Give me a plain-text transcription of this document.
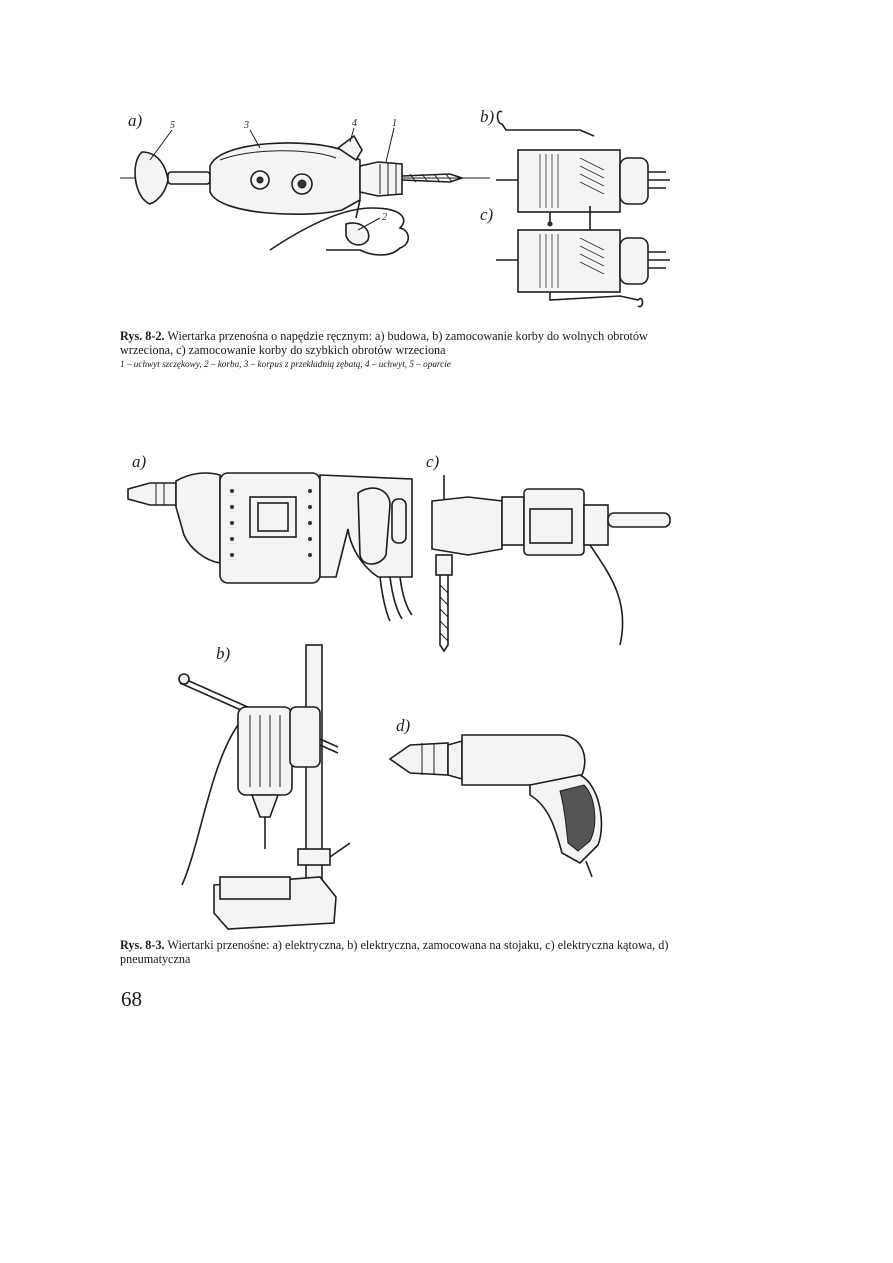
a)	5	3	4	1
2
b)
c)
Rys. 8-2. Wiertarka przenośna o napędzie ręcznym: a) budowa, b) zamocowanie korby do wolnych obrotów wrzeciona, c) zamocowanie korby do szybkich obrotów wrzeciona
1 – uchwyt szczękowy, 2 – korba, 3 – korpus z przekładnią zębatą, 4 – uchwyt, 5 – oparcie
a)	c)
b)
d)
Rys. 8-3. Wiertarki przenośne: a) elektryczna, b) elektryczna, zamocowana na stojaku, c) elektryczna kątowa, d) pneumatyczna
68
